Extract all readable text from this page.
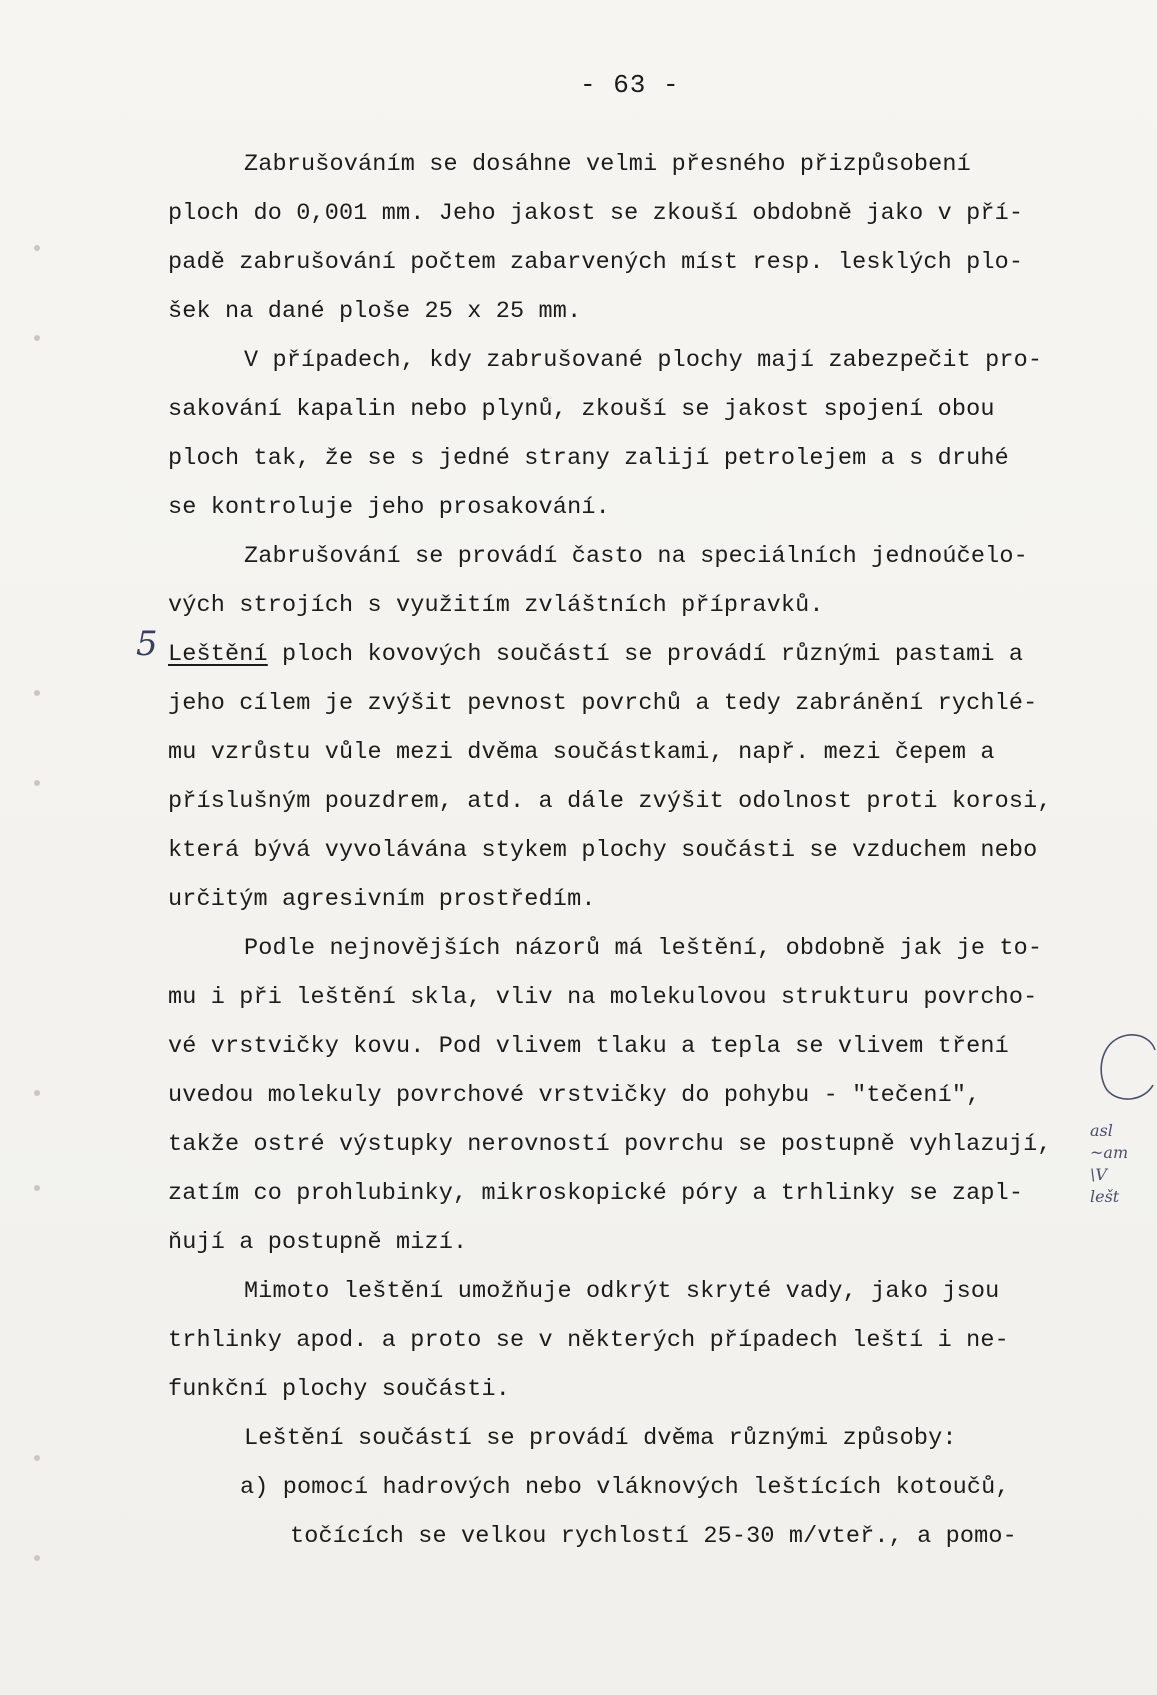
- 63 -
5
Zabrušováním se dosáhne velmi přesného přizpůsobení
ploch do 0,001 mm. Jeho jakost se zkouší obdobně jako v pří-
padě zabrušování počtem zabarvených míst resp. lesklých plo-
šek na dané ploše 25 x 25 mm.
V případech, kdy zabrušované plochy mají zabezpečit pro-
sakování kapalin nebo plynů, zkouší se jakost spojení obou
ploch tak, že se s jedné strany zalijí petrolejem a s druhé
se kontroluje jeho prosakování.
Zabrušování se provádí často na speciálních jednoúčelo-
vých strojích s využitím zvláštních přípravků.
Leštění ploch kovových součástí se provádí různými pastami a
jeho cílem je zvýšit pevnost povrchů a tedy zabránění rychlé-
mu vzrůstu vůle mezi dvěma součástkami, např. mezi čepem a
příslušným pouzdrem, atd. a dále zvýšit odolnost proti korosi,
která bývá vyvolávána stykem plochy součásti se vzduchem nebo
určitým agresivním prostředím.
Podle nejnovějších názorů má leštění, obdobně jak je to-
mu i při leštění skla, vliv na molekulovou strukturu povrcho-
vé vrstvičky kovu. Pod vlivem tlaku a tepla se vlivem tření
uvedou molekuly povrchové vrstvičky do pohybu - "tečení",
takže ostré výstupky nerovností povrchu se postupně vyhlazují,
zatím co prohlubinky, mikroskopické póry a trhlinky se zapl-
ňují a postupně mizí.
Mimoto leštění umožňuje odkrýt skryté vady, jako jsou
trhlinky apod. a proto se v některých případech leští i ne-
funkční plochy součásti.
Leštění součástí se provádí dvěma různými způsoby:
a) pomocí hadrových nebo vláknových leštících kotoučů,
točících se velkou rychlostí 25-30 m/vteř., a pomo-
asl
~am
\V
lešt
